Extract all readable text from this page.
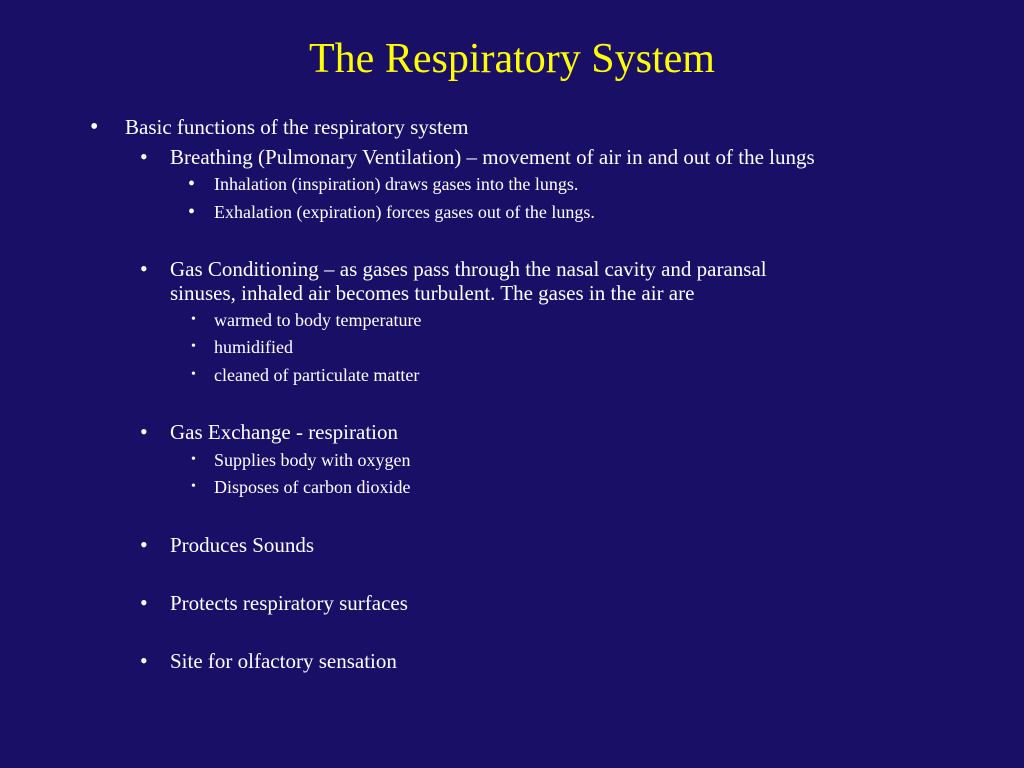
The Respiratory System
• Basic functions of the respiratory system
• Breathing (Pulmonary Ventilation) – movement of air in and out of the lungs
• Inhalation (inspiration) draws gases into the lungs.
• Exhalation (expiration) forces gases out of the lungs.
• Gas Conditioning – as gases pass through the nasal cavity and paransal
sinuses, inhaled air becomes turbulent. The gases in the air are
• warmed to body temperature
• humidified
• cleaned of particulate matter
• Gas Exchange - respiration
• Supplies body with oxygen
• Disposes of carbon dioxide
• Produces Sounds
• Protects respiratory surfaces
• Site for olfactory sensation
